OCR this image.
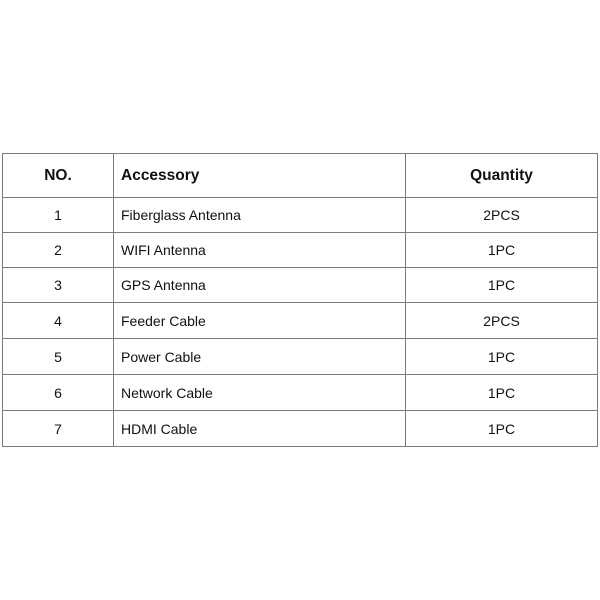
NO.	Accessory	Quantity
1	Fiberglass Antenna	2PCS
2	WIFI Antenna	1PC
3	GPS Antenna	1PC
4	Feeder Cable	2PCS
5	Power Cable	1PC
6	Network Cable	1PC
7	HDMI Cable	1PC
